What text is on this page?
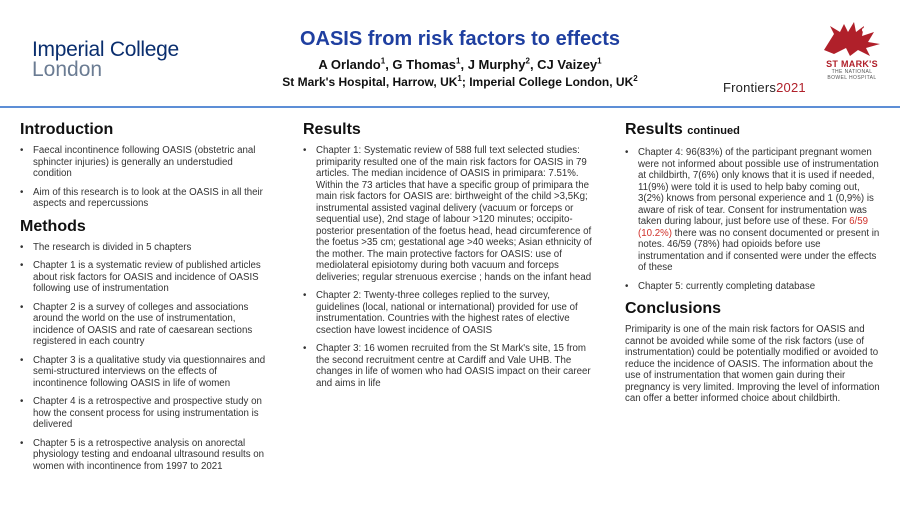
Imperial College
London
OASIS from risk factors to effects
A Orlando$^1$, G Thomas$^1$, J Murphy$^2$, CJ Vaizey$^1$
St Mark's Hospital, Harrow, $UK^1$; Imperial College London, $UK^2$
Frontiers2021
ST MARK'S
THE NATIONAL
BOWEL HOSPITAL
Introduction
• Faecal incontinence following OASIS (obstetric anal sphincter injuries) is generally an understudied condition
• Aim of this research is to look at the OASIS in all their aspects and repercussions
Methods
• The research is divided in 5 chapters
• Chapter 1 is a systematic review of published articles about risk factors for OASIS and incidence of OASIS following use of instrumentation
• Chapter 2 is a survey of colleges and associations around the world on the use of instrumentation, incidence of OASIS and rate of caesarean sections registered in each country
• Chapter 3 is a qualitative study via questionnaires and semi-structured interviews on the effects of incontinence following OASIS in life of women
• Chapter 4 is a retrospective and prospective study on how the consent process for using instrumentation is delivered
• Chapter 5 is a retrospective analysis on anorectal physiology testing and endoanal ultrasound results on women with incontinence from 1997 to 2021
Results
• Chapter 1: Systematic review of 588 full text selected studies: primiparity resulted one of the main risk factors for OASIS in 79 articles. The median incidence of OASIS in primipara: 7.51%. Within the 73 articles that have a specific group of primipara the main risk factors for OASIS are: birthweight of the child >3,5Kg; instrumental assisted vaginal delivery (vacuum or forceps or sequential use), 2nd stage of labour >120 minutes; occipito-posterior presentation of the foetus head, head circumference of the foetus >35 cm; gestational age >40 weeks; Asian ethnicity of the mother. The main protective factors for OASIS: use of mediolateral episiotomy during both vacuum and forceps deliveries; regular strenuous exercise ; hands on the infant head
• Chapter 2: Twenty-three colleges replied to the survey, guidelines (local, national or international) provided for use of instrumentation. Countries with the highest rates of elective csection have lowest incidence of OASIS
• Chapter 3: 16 women recruited from the St Mark's site, 15 from the second recruitment centre at Cardiff and Vale UHB. The changes in life of women who had OASIS impact on their career and aims in life
Results continued
• Chapter 4: 96(83%) of the participant pregnant women were not informed about possible use of instrumentation at childbirth, 7(6%) only knows that it is used if needed, 11(9%) were told it is used to help baby coming out, 3(2%) knows from personal experience and 1 (0,9%) is aware of risk of tear. Consent for instrumentation was taken during labour, just before use of these. For 6/59 (10.2%) there was no consent documented or present in notes. 46/59 (78%) had opioids before use instrumentation and if consented were under the effects of these
• Chapter 5: currently completing database
Conclusions

Primiparity is one of the main risk factors for OASIS and cannot be avoided while some of the risk factors (use of instrumentation) could be potentially modified or avoided to reduce the incidence of OASIS. The information about the use of instrumentation that women gain during their pregnancy is very limited. Improving the level of information can offer a better informed choice about childbirth.
